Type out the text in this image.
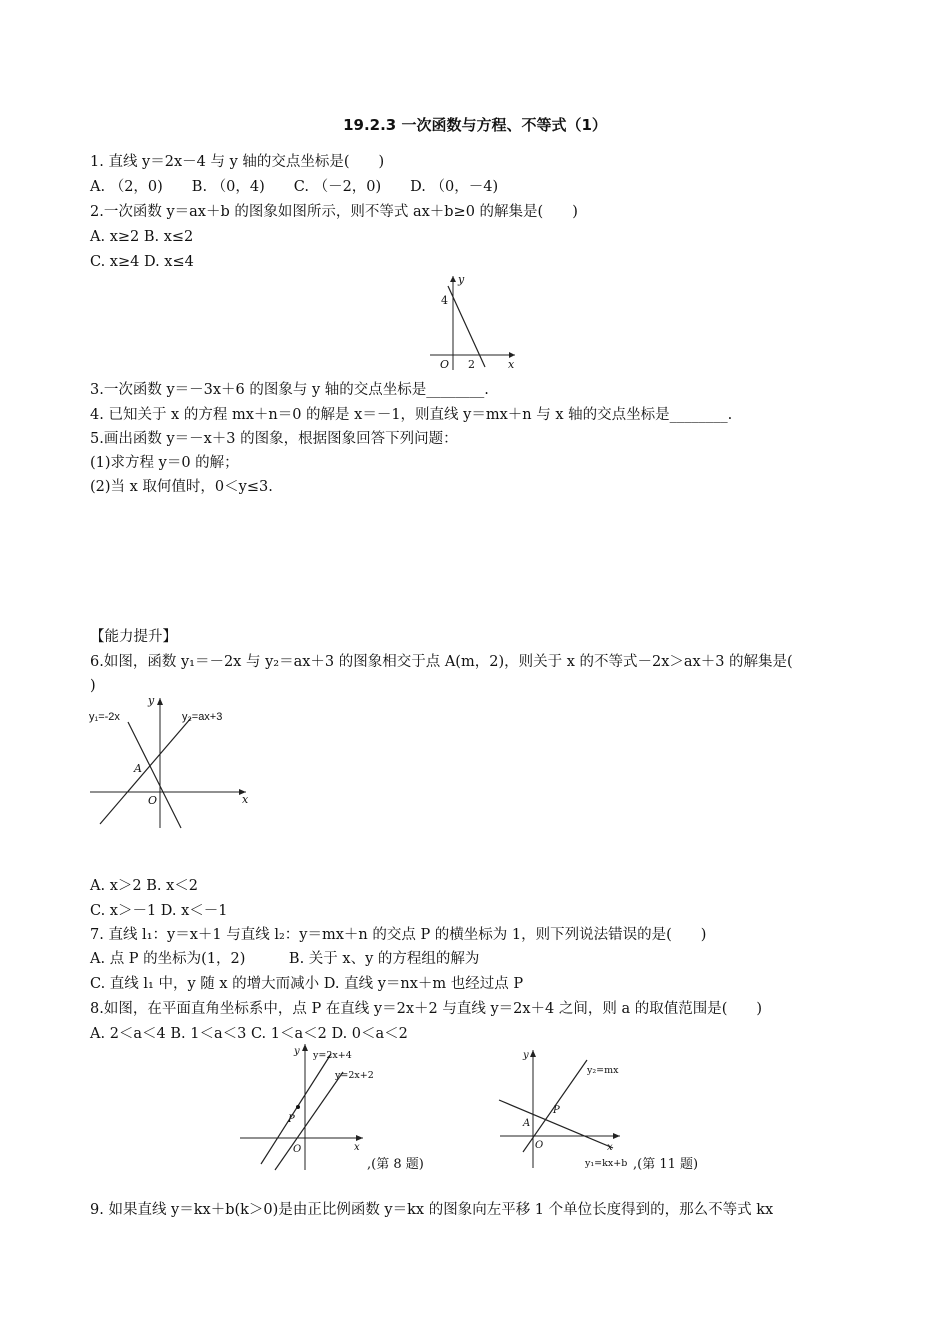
19.2.3 一次函数与方程、不等式（1）
1. 直线 y＝2x－4 与 y 轴的交点坐标是(　　)
A. （2，0)　　B. （0，4)　　C. （－2，0)　　D. （0，－4)
2.一次函数 y＝ax＋b 的图象如图所示，则不等式 ax＋b≥0 的解集是(　　)
A. x≥2 B. x≤2
C. x≥4 D. x≤4
y
x
O
4
2
3.一次函数 y＝－3x＋6 的图象与 y 轴的交点坐标是________.
4. 已知关于 x 的方程 mx＋n＝0 的解是 x＝－1，则直线 y＝mx＋n 与 x 轴的交点坐标是________.
5.画出函数 y＝－x＋3 的图象，根据图象回答下列问题：
(1)求方程 y＝0 的解；
(2)当 x 取何值时，0＜y≤3.
【能力提升】
6.如图，函数 y₁＝－2x 与 y₂＝ax＋3 的图象相交于点 A(m，2)，则关于 x 的不等式－2x＞ax＋3 的解集是(
)
y₁=-2x	y₂=ax+3
y
x
O
A
A. x＞2 B. x＜2
C. x＞－1 D. x＜－1
7. 直线 l₁：y＝x＋1 与直线 l₂：y＝mx＋n 的交点 P 的横坐标为 1，则下列说法错误的是(　　)
A. 点 P 的坐标为(1，2)　　　B. 关于 x、y 的方程组的解为
C. 直线 l₁ 中，y 随 x 的增大而减小 D. 直线 y＝nx＋m 也经过点 P
8.如图，在平面直角坐标系中，点 P 在直线 y＝2x＋2 与直线 y＝2x＋4 之间，则 a 的取值范围是(　　)
A. 2＜a＜4 B. 1＜a＜3 C. 1＜a＜2 D. 0＜a＜2
y
x
O
P
y=2x+4
y=2x+2
,(第 8 题)
y
x
O
P
A
y₂=mx
y₁=kx+b ,(第 11 题)
9. 如果直线 y＝kx＋b(k＞0)是由正比例函数 y＝kx 的图象向左平移 1 个单位长度得到的，那么不等式 kx
